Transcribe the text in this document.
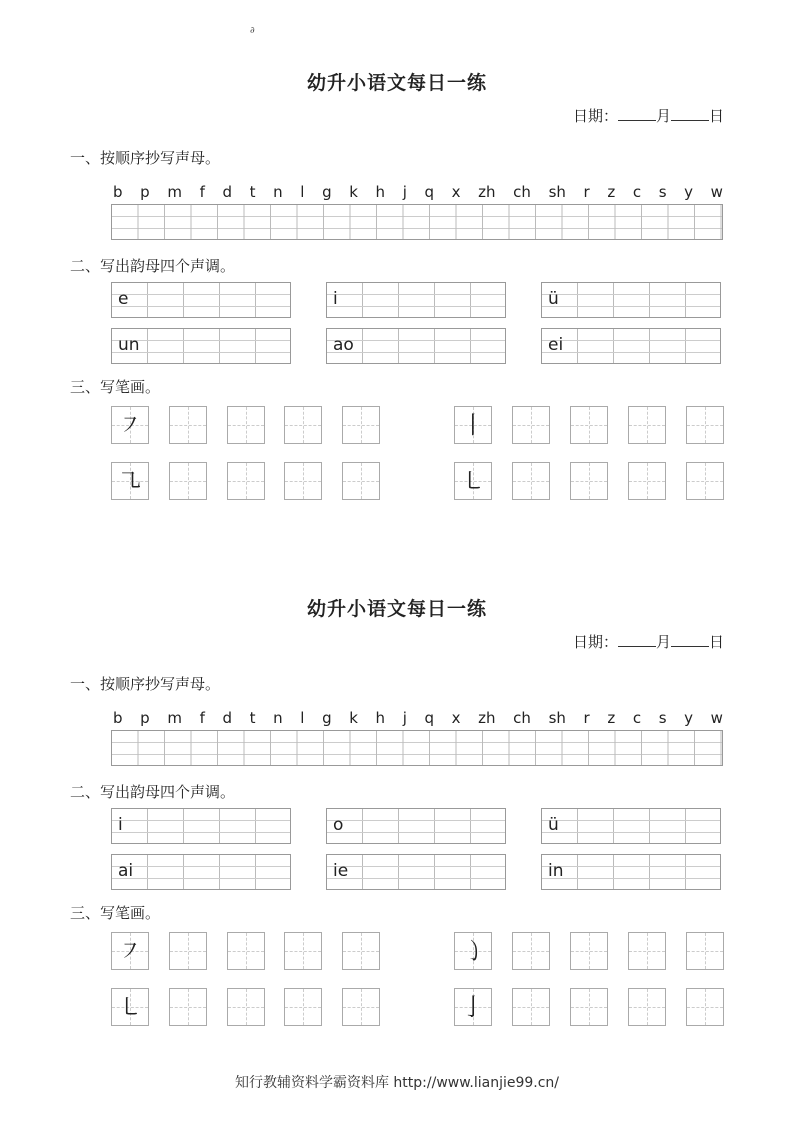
∂
幼升小语文每日一练
日期：	月	日
一、按顺序抄写声母。
b p m f d t n l g k h j q x zh ch sh r z c s y w
二、写出韵母四个声调。
e	i	ü
un	ao	ei
三、写笔画。
㇇	丨
㇈	㇄
幼升小语文每日一练
日期：	月	日
一、按顺序抄写声母。
b p m f d t n l g k h j q x zh ch sh r z c s y w
二、写出韵母四个声调。
i	o	ü
ai	ie	in
三、写笔画。
㇇	㇁
㇄	亅
知行教辅资料学霸资料库 http://www.lianjie99.cn/
